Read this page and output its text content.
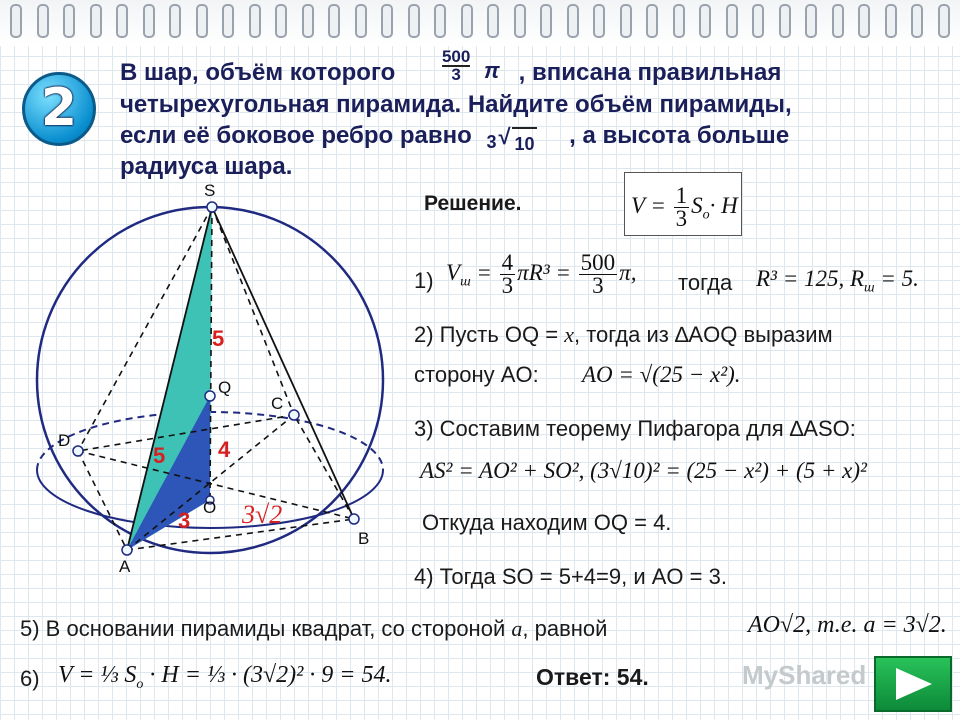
2
В шар, объём которого	$\frac{500}{3}$ π , вписана правильная
четырехугольная пирамида. Найдите объём пирамиды,
если её боковое ребро равно 3 √ 10 , а высота больше
радиуса шара.
S
Q
C
D
O
A
B
5
5 4
3 3√2
Решение.	$V = \frac{1}{3} S_o\cdot H$
1) $V_ш = \frac{4}{3} \pi R^3 = \frac{500}{3} \pi$, тогда R³ = 125, $R_ш = 5$.
2) Пусть OQ = x, тогда из ∆AOQ выразим
сторону AO: AO = √(25 − x²).
3) Составим теорему Пифагора для ∆ASO:
AS² = AO² + SO², (3√10)² = (25 − x²) + (5 + x)²
Откуда находим OQ = 4.
4) Тогда SO = 5+4=9, и AO = 3.
5) В основании пирамиды квадрат, со стороной a, равной	AO√2, т.е. a = 3√2.
6) V = ⅓ $S_o \cdot H$ = ⅓ · (3√2)² · 9 = 54.	Ответ: 54.	MyShared
